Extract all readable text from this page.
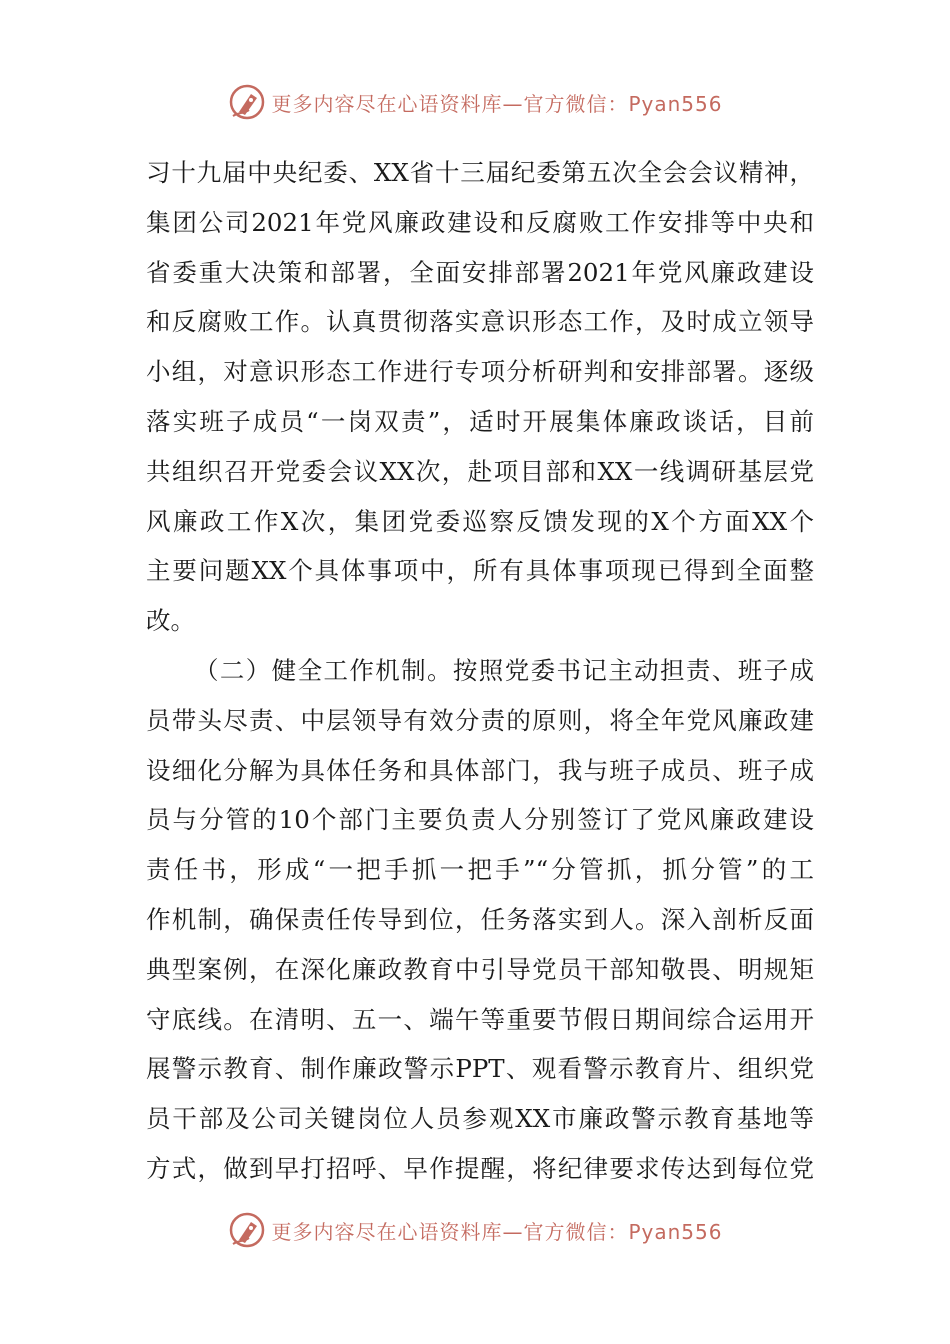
更多内容尽在心语资料库—官方微信：Pyan556
习十九届中央纪委、XX省十三届纪委第五次全会会议精神，
集团公司2021年党风廉政建设和反腐败工作安排等中央和
省委重大决策和部署，全面安排部署2021年党风廉政建设
和反腐败工作。认真贯彻落实意识形态工作，及时成立领导
小组，对意识形态工作进行专项分析研判和安排部署。逐级
落实班子成员“一岗双责”，适时开展集体廉政谈话，目前
共组织召开党委会议XX次，赴项目部和XX一线调研基层党
风廉政工作X次，集团党委巡察反馈发现的X个方面XX个
主要问题XX个具体事项中，所有具体事项现已得到全面整
改。
（二）健全工作机制。按照党委书记主动担责、班子成
员带头尽责、中层领导有效分责的原则，将全年党风廉政建
设细化分解为具体任务和具体部门，我与班子成员、班子成
员与分管的10个部门主要负责人分别签订了党风廉政建设
责任书，形成“一把手抓一把手”“分管抓，抓分管”的工
作机制，确保责任传导到位，任务落实到人。深入剖析反面
典型案例，在深化廉政教育中引导党员干部知敬畏、明规矩
守底线。在清明、五一、端午等重要节假日期间综合运用开
展警示教育、制作廉政警示PPT、观看警示教育片、组织党
员干部及公司关键岗位人员参观XX市廉政警示教育基地等
方式，做到早打招呼、早作提醒，将纪律要求传达到每位党
更多内容尽在心语资料库—官方微信：Pyan556
